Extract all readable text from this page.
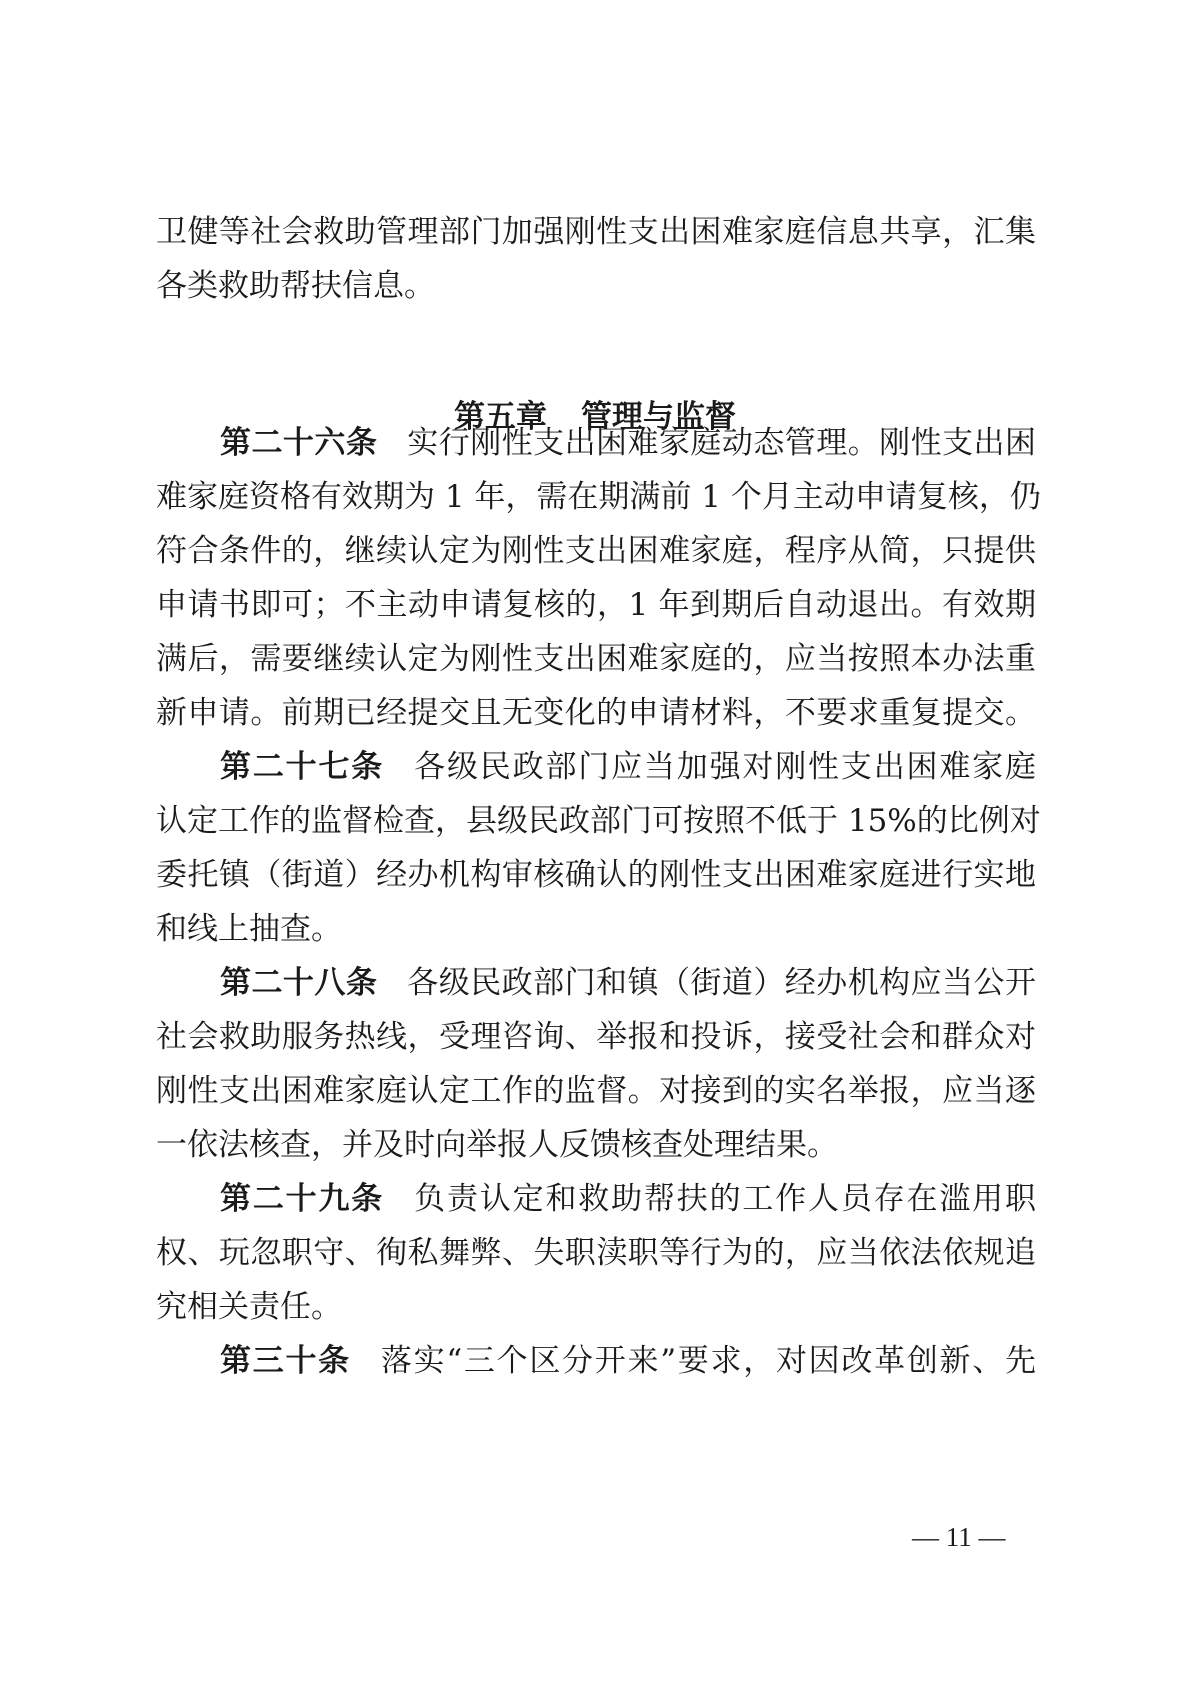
卫健等社会救助管理部门加强刚性支出困难家庭信息共享，汇集
各类救助帮扶信息。
第五章 管理与监督
第二十六条 实行刚性支出困难家庭动态管理。刚性支出困
难家庭资格有效期为 1 年，需在期满前 1 个月主动申请复核，仍
符合条件的，继续认定为刚性支出困难家庭，程序从简，只提供
申请书即可；不主动申请复核的，1 年到期后自动退出。有效期
满后，需要继续认定为刚性支出困难家庭的，应当按照本办法重
新申请。前期已经提交且无变化的申请材料，不要求重复提交。
第二十七条 各级民政部门应当加强对刚性支出困难家庭
认定工作的监督检查，县级民政部门可按照不低于 15%的比例对
委托镇（街道）经办机构审核确认的刚性支出困难家庭进行实地
和线上抽查。
第二十八条 各级民政部门和镇（街道）经办机构应当公开
社会救助服务热线，受理咨询、举报和投诉，接受社会和群众对
刚性支出困难家庭认定工作的监督。对接到的实名举报，应当逐
一依法核查，并及时向举报人反馈核查处理结果。
第二十九条 负责认定和救助帮扶的工作人员存在滥用职
权、玩忽职守、徇私舞弊、失职渎职等行为的，应当依法依规追
究相关责任。
第三十条 落实“三个区分开来”要求，对因改革创新、先
— 11 —
